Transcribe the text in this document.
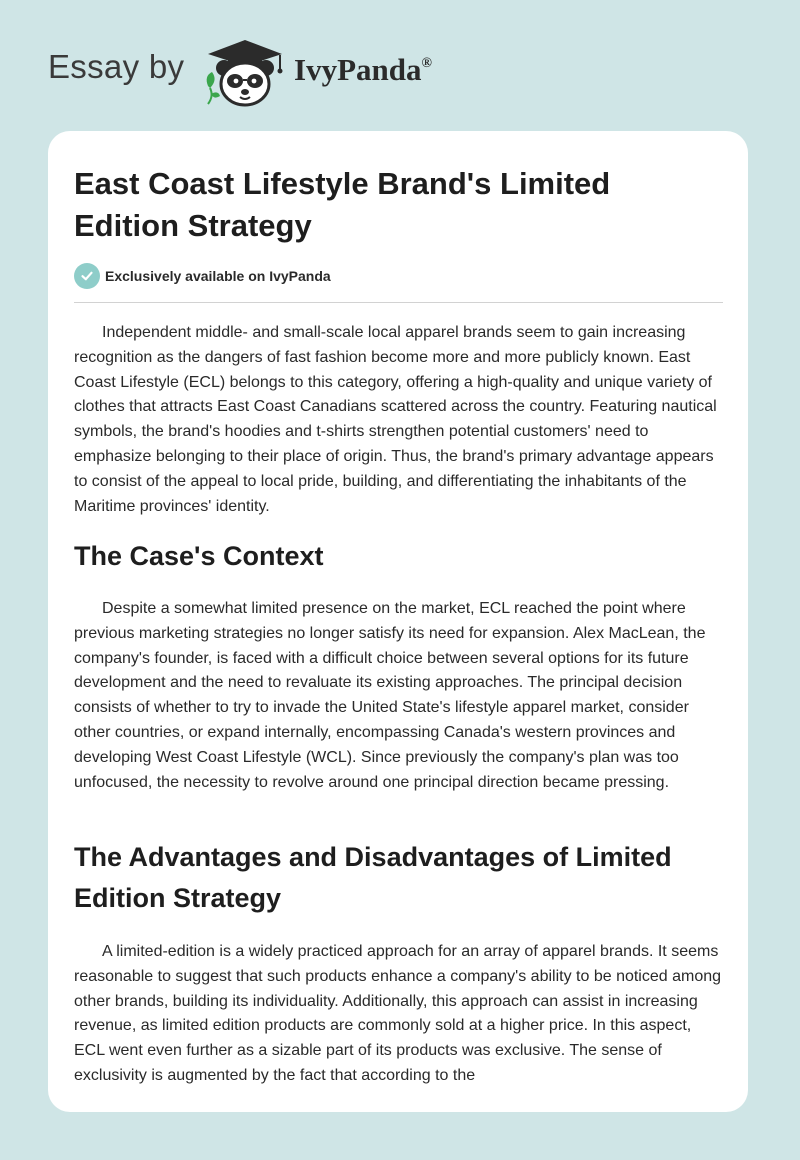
Essay by	IvyPanda®
East Coast Lifestyle Brand's Limited Edition Strategy
Exclusively available on IvyPanda

Independent middle- and small-scale local apparel brands seem to gain increasing recognition as the dangers of fast fashion become more and more publicly known. East Coast Lifestyle (ECL) belongs to this category, offering a high-quality and unique variety of clothes that attracts East Coast Canadians scattered across the country. Featuring nautical symbols, the brand's hoodies and t-shirts strengthen potential customers' need to emphasize belonging to their place of origin. Thus, the brand's primary advantage appears to consist of the appeal to local pride, building, and differentiating the inhabitants of the Maritime provinces' identity.

The Case's Context

Despite a somewhat limited presence on the market, ECL reached the point where previous marketing strategies no longer satisfy its need for expansion. Alex MacLean, the company's founder, is faced with a difficult choice between several options for its future development and the need to revaluate its existing approaches. The principal decision consists of whether to try to invade the United State's lifestyle apparel market, consider other countries, or expand internally, encompassing Canada's western provinces and developing West Coast Lifestyle (WCL). Since previously the company's plan was too unfocused, the necessity to revolve around one principal direction became pressing.

The Advantages and Disadvantages of Limited Edition Strategy

A limited-edition is a widely practiced approach for an array of apparel brands. It seems reasonable to suggest that such products enhance a company's ability to be noticed among other brands, building its individuality. Additionally, this approach can assist in increasing revenue, as limited edition products are commonly sold at a higher price. In this aspect, ECL went even further as a sizable part of its products was exclusive. The sense of exclusivity is augmented by the fact that according to the
